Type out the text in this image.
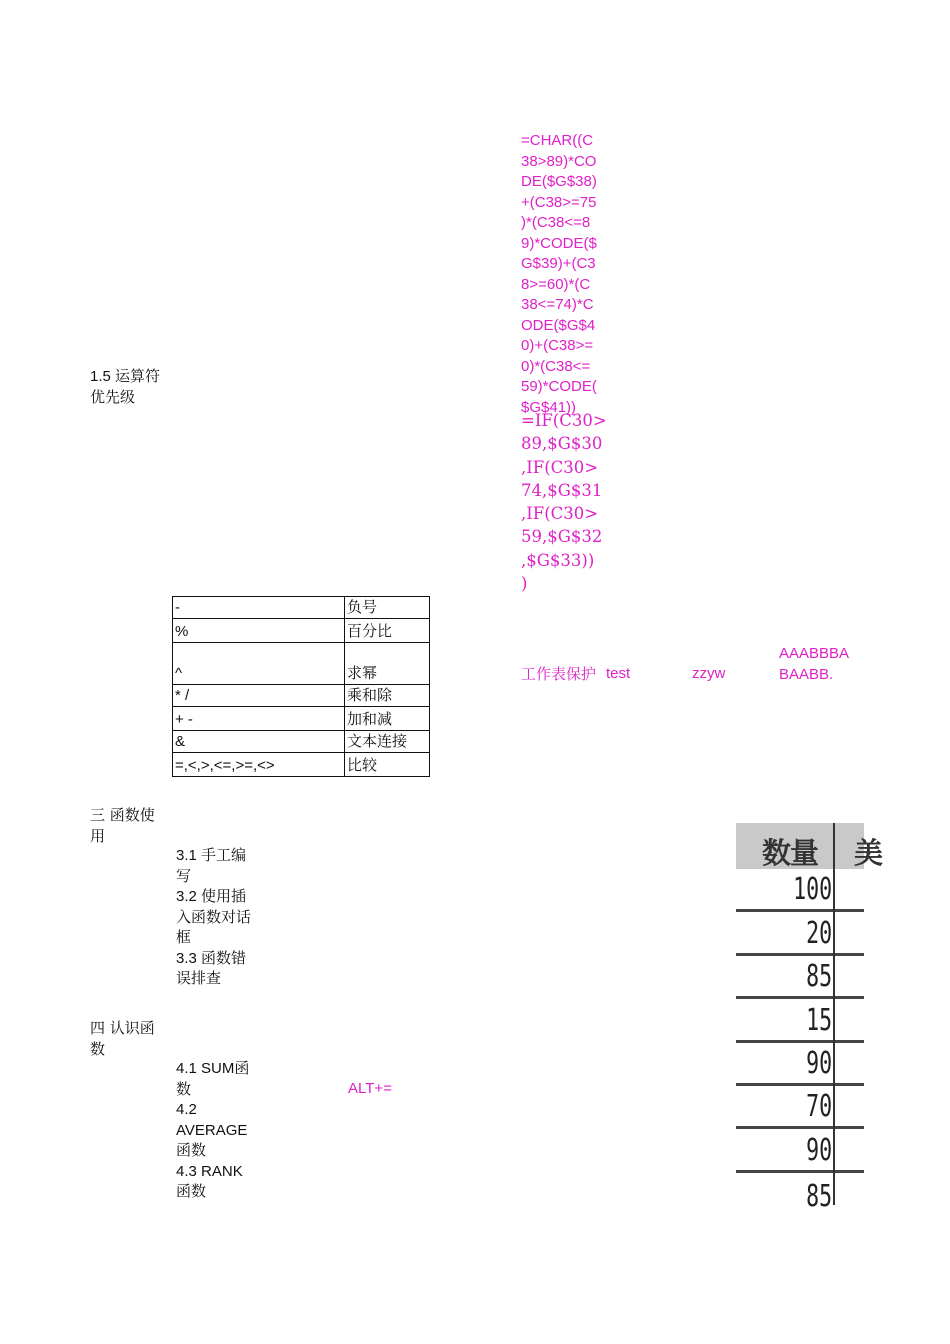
=CHAR((C
38>89)*CO
DE($G$38)
+(C38>=75
)*(C38<=8
9)*CODE($
G$39)+(C3
8>=60)*(C
38<=74)*C
ODE($G$4
0)+(C38>=
0)*(C38<=
59)*CODE(
$G$41))
=IF(C30>
89,$G$30
,IF(C30>
74,$G$31
,IF(C30>
59,$G$32
,$G$33))
)
1.5 运算符
优先级
-	负号
%	百分比
^	求幂
* /	乘和除
+ -	加和减
&	文本连接
=,<,>,<=,>=,<>	比较
工作表保护 test	zzyw
AAABBBA
BAABB.
三 函数使
用
3.1 手工编
写
3.2 使用插
入函数对话
框
3.3 函数错
误排查
四 认识函
数
4.1 SUM函
数
4.2
AVERAGE
函数
4.3 RANK
函数
ALT+=
数量 美
100
20
85
15
90
70
90
85
